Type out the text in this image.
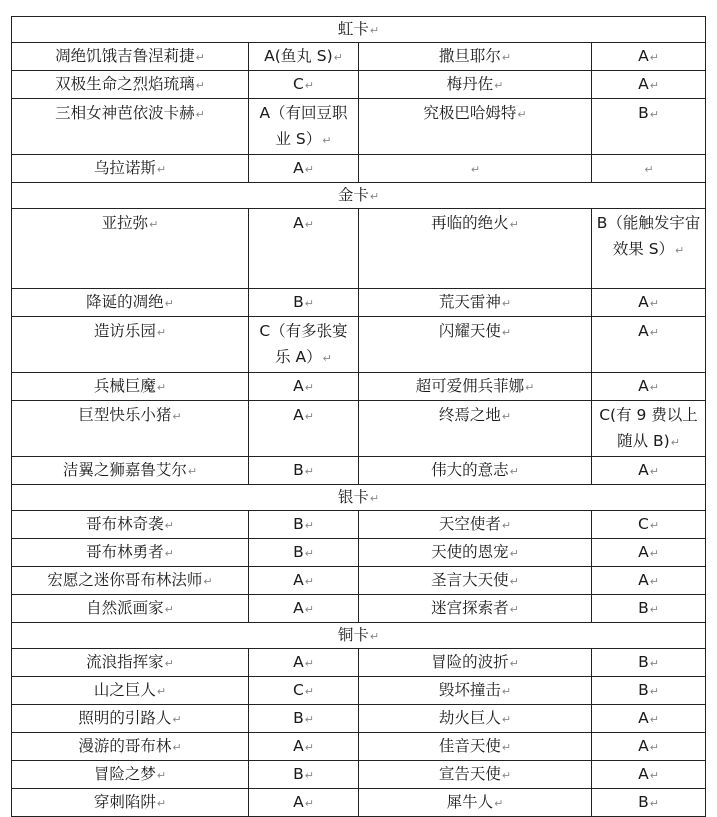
虹卡↵			
凋绝饥饿吉鲁涅莉捷↵	A(鱼丸 S)↵	撒旦耶尔↵	A↵
双极生命之烈焰琉璃↵	C↵	梅丹佐↵	A↵
三相女神芭依波卡赫↵	A（有回豆职业 S）↵	究极巴哈姆特↵	B↵
乌拉诺斯↵	A↵	↵	↵
金卡↵			
亚拉弥↵	A↵	再临的绝火↵	B（能触发宇宙效果 S）↵
降诞的凋绝↵	B↵	荒天雷神↵	A↵
造访乐园↵	C（有多张宴乐 A）↵	闪耀天使↵	A↵
兵械巨魔↵	A↵	超可爱佣兵菲娜↵	A↵
巨型快乐小猪↵	A↵	终焉之地↵	C(有 9 费以上随从 B)↵
洁翼之狮嘉鲁艾尔↵	B↵	伟大的意志↵	A↵
银卡↵			
哥布林奇袭↵	B↵	天空使者↵	C↵
哥布林勇者↵	B↵	天使的恩宠↵	A↵
宏愿之迷你哥布林法师↵	A↵	圣言大天使↵	A↵
自然派画家↵	A↵	迷宫探索者↵	B↵
铜卡↵			
流浪指挥家↵	A↵	冒险的波折↵	B↵
山之巨人↵	C↵	毁坏撞击↵	B↵
照明的引路人↵	B↵	劫火巨人↵	A↵
漫游的哥布林↵	A↵	佳音天使↵	A↵
冒险之梦↵	B↵	宣告天使↵	A↵
穿刺陷阱↵	A↵	犀牛人↵	B↵
